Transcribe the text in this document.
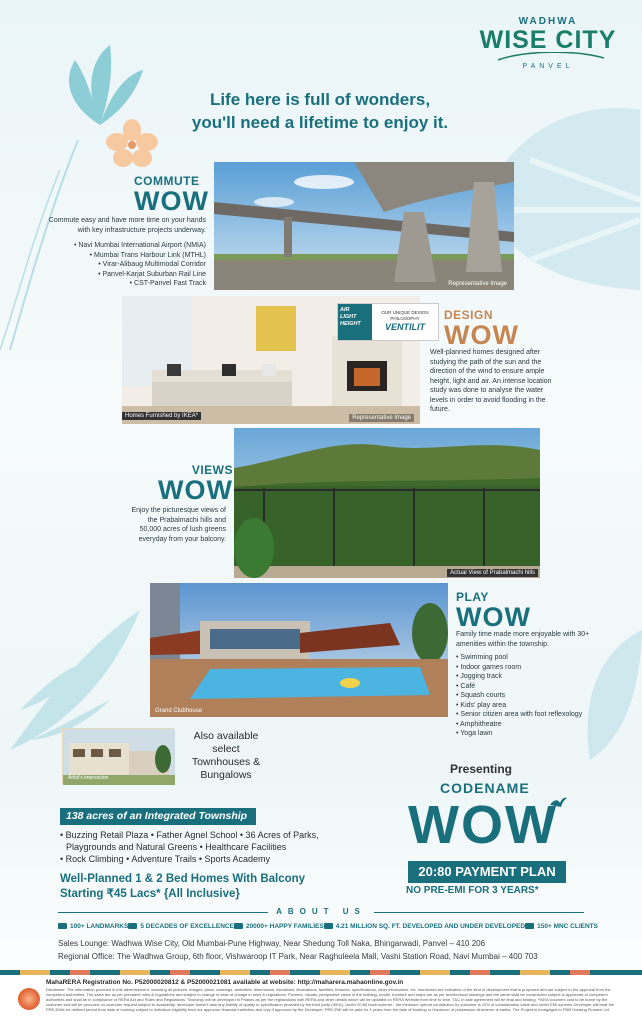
WADHWA
WISE CITY
PANVEL
Life here is full of wonders,
you'll need a lifetime to enjoy it.
COMMUTE
WOW

Commute easy and have more time on your hands with key infrastructure projects underway.

• Navi Mumbai International Airport (NMIA)
• Mumbai Trans Harbour Link (MTHL)
• Virar-Alibaug Multimodal Corridor
• Panvel-Karjat Suburban Rail Line
• CST-Panvel Fast Track	Representative Image
Homes Furnished by IKEA*	Representative Image
AIR
LIGHT
HEIGHT
OUR UNIQUE DESIGN PHILOSOPHY
VENTILIT
DESIGN
WOW
Well-planned homes designed after studying the path of the sun and the direction of the wind to ensure ample height, light and air. An intense location study was done to analyse the water levels in order to avoid flooding in the future.
VIEWS
WOW
Enjoy the picturesque views of the Prabalmachi hills and 50,000 acres of lush greens everyday from your balcony.
Actual View of Prabalmachi hills
Grand Clubhouse
PLAY
WOW

Family time made more enjoyable with 30+ amenities within the township.

• Swimming pool
• Indoor games room
• Jogging track
• Café
• Squash courts
• Kids' play area
• Senior citizen area with foot reflexology
• Amphitheatre
• Yoga lawn
Artist's impression
Also available select Townhouses & Bungalows
138 acres of an Integrated Township
• Buzzing Retail Plaza • Father Agnel School • 36 Acres of Parks,
Playgrounds and Natural Greens • Healthcare Facilities
• Rock Climbing • Adventure Trails • Sports Academy
Well-Planned 1 & 2 Bed Homes With Balcony
Starting ₹45 Lacs* {All Inclusive}
Presenting
CODENAME
WOW
20:80 PAYMENT PLAN
NO PRE-EMI FOR 3 YEARS*
ABOUT US
100+ LANDMARKS 5 DECADES OF EXCELLENCE 20000+ HAPPY FAMILIES 4.21 MILLION SQ. FT. DEVELOPED AND UNDER DEVELOPED 150+ MNC CLIENTS
Sales Lounge: Wadhwa Wise City, Old Mumbai-Pune Highway, Near Shedung Toll Naka, Bhingarwadi, Panvel – 410 206
Regional Office: The Wadhwa Group, 6th floor, Vishwaroop IT Park, Near Raghuleela Mall, Vashi Station Road, Navi Mumbai – 400 703
MahaRERA Registration No. P52000020812 & P52000021081 available at website: http://maharera.mahaonline.gov.in
Disclaimer: The information provided in this advertisement, including all pictures, images, plans, drawings, amenities, dimensions, elevations, illustrations, facilities, features, specifications, other information, etc. mentioned are indicative of the kind of development that is proposed and are subject to the approval from the competent authorities. The sales are as per prevalent rules & regulations and subject to change in case of change in rules & regulations. Pictures, visuals, perspective views of the building, model, furniture and maps are as per architectural drawings and the same shall be constructed subject to approvals of competent authorities and shall be in compliance of RERA Act and Rules and Regulations. Township will be developed in Phases as per the registrations with RERA and other details which will be updated on RERA Website from time to time. T&C in sale agreement will be final and binding. *IKEA vouchers cost to be borne by the customer and will be procured on customer request subject to availability; developer doesn't take any liability of quality or specification provided by the third party (IKEA). Under 20:80 bank scheme - the minimum upfront contribution by customer is 20% of consideration value and under EMI scheme Developer will bear the PRE-EMIs for defined period from date of booking subject to individual eligibility from our approved financial institution and only if approved by the Developer. PRE-EMI will be paid for 3 years from the date of booking or Handover of possession whichever is earlier. The Project is mortgaged to PNB Housing Finance Ltd.
